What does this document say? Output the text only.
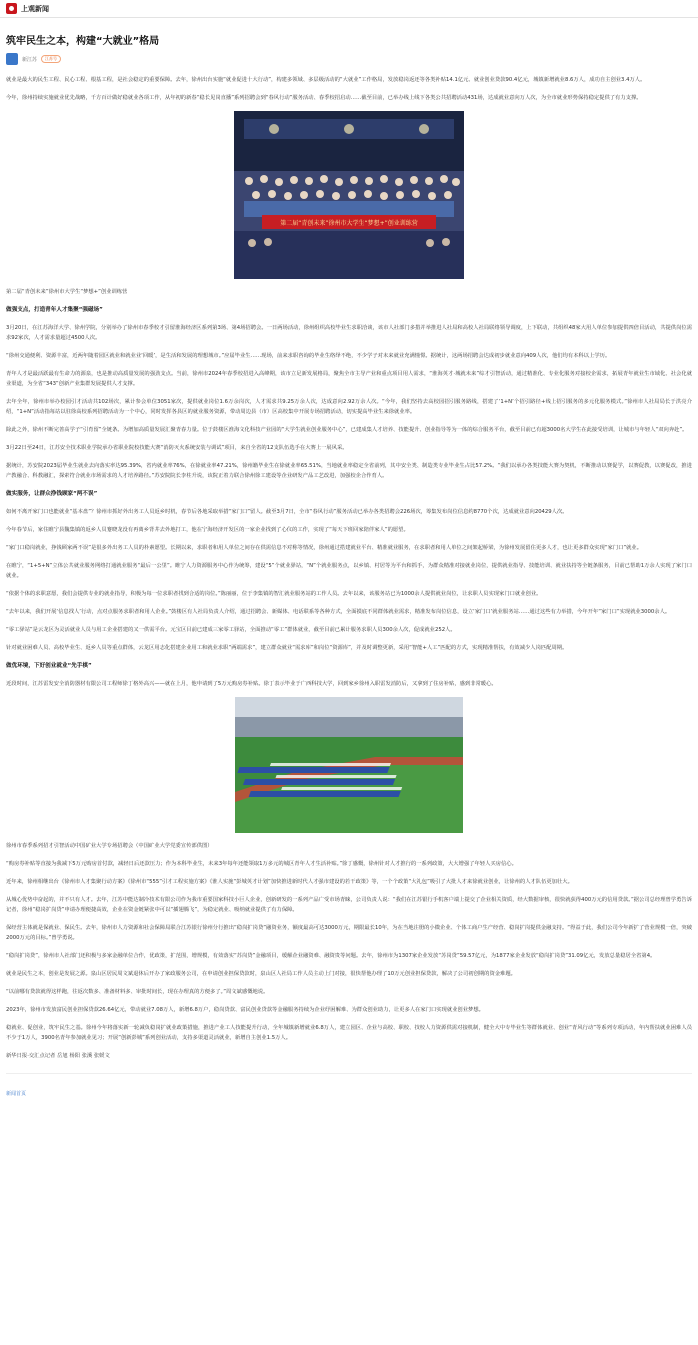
上观新闻
筑牢民生之本，构建“大就业”格局
新江苏	江苏号

就业是最大的民生工程、民心工程、根基工程，是社会稳定的重要保障。去年，徐州出台实施“就业促进十大行动”，构建多领域、多层级活动的“大就业”工作格局，发放稳岗返还等各类补贴14.1亿元、就业创业贷款90.4亿元，城镇新增就业8.6万人，成功自主创业3.4万人。

今年，徐州持续实施就业优先战略，千方百计做好稳就业各项工作，从年初的新春“稳长见岗直播”系列招聘会到“春风行动”服务活动、春季校招启动……截至目前，已举办线上线下各类公共招聘活动431场，达成就业意向万人次，为全市就业形势保持稳定提供了有力支撑。

第二届“青创未来”徐州市大学生“梦想+”创业训练营

第二届“青创未来”徐州市大学生“梦想+”创业训练营

做强支点，打造青年人才集聚“强磁场”

3月20日，在江苏海洋大学、徐州学院，分别举办了徐州市春季校才引留淮海经济区系列第3场、第4场招聘会。一日两场活动，徐州组织高校毕业生求职洽谈，该市人社部门多措并举推进人社局和高校人社局联络领导调度，上下联动，共组织48家大用人单位参加提供四倍目活动，共提供岗位需求92家次，人才需求量超过4500人次。

“徐州交通便利、资源丰富，近两年随着园区就业和就业业‘回暖’，是生活和发展的理想城市。”应届毕业生……现场，前来求职咨询的毕业生络绎不绝，不少学子对未来就业充满憧憬。据统计，这两场招聘会达成初步就业意向409人次，他们均有本科以上学历。

青年人才是最活跃最有生命力的源泉，也是推动高质量发展的强劲支点。当前，徐州市2024年春季校招进入高峰期，该市立足新发展格局，聚焦全市主导产业和重点项目用人需求，“淮海英才·城就未来”综才引智活动，通过精准化、专业化服务对接校企需求，拓展青年就业生市域化、社会化就业渠道，为全省“343”创新产业集群发展提供人才支撑。

去年全年，徐州市举办校园引才活动共102场次，累计参会单位3051家次，提供就业岗位1.6万余岗次，人才需求共9.25万余人次，达成意向2.92万余人次。“今年，我们坚持去高校园招引服务路线，搭建了‘1+N’个招引路径+线上招引服务的多元化服务模式。”徐州市人社局局长于洪亮介绍，“1+N”活动指每站以驻徐高校系列招聘活动为一个中心，同时发挥各县区的就业服务资源，带动周边县（市）区高校集中开展专场招聘活动，切实提高毕业生来徐就业率。

除此之外，徐州不断完善高学子“引育留”全链条。为增加高质量发展汇聚青春力量。位于鼓楼区淮海文化科技产业园的“大学生就业创业服务中心”，已建成集人才培养、技能提升、创业指导等为一体的综合服务平台，截至目前已有超3000名大学生在此接受培训，让城市与年轻人“双向奔赴”。

3月22日至24日，江苏安全技术职业学院承办省职业院校技能大赛“消防灭火系统安装与调试”项目，来自全省的12支队伍选手在大赛上一展风采。

据统计，苏安院2023届毕业生就业去向落实率达95.39%，省内就业率76%，在徐就业率47.21%，徐州籍毕业生在徐就业率65.51%，当地就业率稳定全省前列，其中安全类、制造类专业毕业生占比57.2%。“我们以承办各类技能大赛为契机，不断推动以赛促学，以赛促教，以赛促改，推进产教融合、科教融汇，探索符合就业市场需求的人才培养路径。”苏安院院长李柱升说，该院正着力联合徐州徐工建设等企业研发产品工艺改进，加强校企合作育人。

做实服务，让群众挣钱顾家“两不误”

如何不离开家门口也能就业“基本盘”？徐州市抓好外出务工人员返乡时机，春节后各地采取举措“家门口”留人。截至3月7日，全市“春风行动”服务活动已举办各类招聘会226场次，筹集发布岗位信息约8770个次，达成就业意向20429人次。

今年春节后，家住睢宁县魏集镇的返乡人员蹇晓龙没有再离乡背井去外地打工，他在宁海经济开发区的一家企业找到了心仪的工作，实现了“每天下班回家陪伴家人”的愿望。

“家门口稳岗就业，挣钱顾家两不误”是很多外出务工人员的朴素愿望。长期以来，求职者和用人单位之间存在供需信息不对称等情况，徐州通过搭建就业平台、精准就业服务，在求职者和用人单位之间架起桥梁，为徐州发展留住更多人才，也让更多群众实现“家门口”就业。

在睢宁，“1+5+N”立体公共就业服务网络打通就业服务“最后一公里”。睢宁人力资源服务中心作为统筹，建设“5”个就业驿站，“N”个就业服务点，以乡镇、村居等为平台和抓手，为群众精准对接就业岗位，提供就业指导、技能培训、就业扶持等全链条服务，目前已帮助1万余人实现了家门口就业。

“依据个体的求职意愿，我们会提供专业的就业指导，积极为每一位求职者找到合适的岗位。”陈丽丽，位于李集镇的智汇就业服务站的工作人员。去年以来，该服务站已为1000余人提供就业岗位，让求职人员实现家门口就业创业。

“去年以来，我们开展‘信息找人’行动，点对点服务求职者和用人企业。”鼓楼区有人社局负责人介绍，通过招聘会、新媒体、电话联系等各种方式，全面摸底不同群体就业需求，精准发布岗位信息，设立‘家门口’就业服务站……通过这些有力举措，今年开年“家门口”实现就业3000余人。

“零工驿站”是云龙区为灵活就业人员与用工企业搭建的又一供需平台。元宝区目前已建成三家零工驿站，全面推动“零工”群体就业，截至目前已累计服务求职人员300余人次，促成就业252人。

针对就业困难人员、高校毕业生、返乡人员等重点群体，云龙区用志化搭建企业用工和就业求职“两端需求”，建立群众就业“需求库”和岗位“资源库”，并及时调整更新，采用“智能+人工”匹配的方式，实现精准帮扶，有效减少人岗匹配周期。

做优环境，下好创业就业“先手棋”

近段时间，江苏雷发安全消防器材有限公司工程师徐丁格外高兴——就在上月，他申请到了5万元购房券补贴。徐丁表示毕业于广西科技大学，回到家乡徐州入职雷发消防后，又拿到了住房补贴，感到非常暖心。

徐州市春季系列招才引智活动中国矿业大学专场招聘会（中国矿业大学党委宣传部供图）

“购房券补贴等直接为我减下5万元购房首付款，减轻日后还款压力；作为本科毕业生，未来3年每年还能领取1万多元的城区青年人才生活补贴。”徐丁感慨，徐州针对人才推行的一系列政策，大大增强了年轻人买房信心。

近年来，徐州相继出台《徐州市人才集聚行动方案》《徐州市“555”引才工程实施方案》《淮人实施“彭城英才计划”加快推进新时代人才强市建设的若干政策》等，一个个政策“大礼包”吸引了大批人才来徐就业创业，让徐州的人才队伍更加壮大。

从城心优势中奋起的，并不只有人才。去年，江苏中能达制冷技术有限公司作为我市重要国家科技小巨人企业，创新研发的一系列产品广受市场青睐，公司负责人说：“我们在江苏银行手机客户端上提交了企业相关资质，经大数据审核，很快就获得400万元的信用贷款。”据公司总经理曾学勇告诉记者，徐州“稳岗扩岗贷”申请办理便捷高效，企业在资金链紧张中可以“插翅腾飞”，为稳定就业、吸纳就业提供了有力保障。

保经营主体就是保就业、保民生。去年，徐州市人力资源和社会保障局联合江苏银行徐州分行推出“稳岗扩岗贷”融资业务，额度最高可达3000万元，期限最长10年，为在当地注册的小微企业、个体工商户生产经营、稳岗扩岗提供金融支持。“得益于此，我们公司今年新扩了营业规模一倍，突破2000万元的目标。”曾学勇说。

“稳岗扩岗贷”，徐州市人社部门还积极与多家金融单位合作，优政策，扩范围，增规模，有效落实“苏岗贷”金融项目，缓解企业融资难、融资贵等问题。去年，徐州市为1307家企业发放“苏岗贷”59.57亿元，为1877家企业发放“稳岗扩岗贷”31.09亿元，发放总量稳居全省第4。

就业是民生之本，创业是发展之源。泉山区居民周文斌退休后开办了家政服务公司，在申请创业担保贷款时，泉山区人社局工作人员主动上门对接，很快帮他办理了10万元创业担保贷款，解决了公司初创期的资金难题。

“以前哪有贷款就得这样跑，往返次数多、准备材料多、审批时间长，现在办理真的方便多了。”周文斌感慨地说。

2023年，徐州市发放富民创业担保贷款26.64亿元，带动就业7.08万人，新增6.8万户，稳岗贷款、富民创业贷款等金融服务持续为企业纾困解难、为群众创业助力，让更多人在家门口实现就业创业梦想。

稳就业、促创业，筑牢民生之基。徐州今年将落实新一轮减负稳岗扩就业政策措施，推进产业工人技能提升行动，全年城镇新增就业6.8万人，建立园区、企业与高校、职校、技校人力资源供需对接机制，健全大中专毕业生等群体就业、创业“青风行动”等系列专项活动，年内帮扶就业困难人员不少于1万人，3900名青年参加就业见习；开展“创新彭城”系列创业活动，支持多渠道灵活就业，新增自主创业1.5万人。

新华日报·交汇点记者 岳旭 杨阳 张溪 张媛文

新闻首页
